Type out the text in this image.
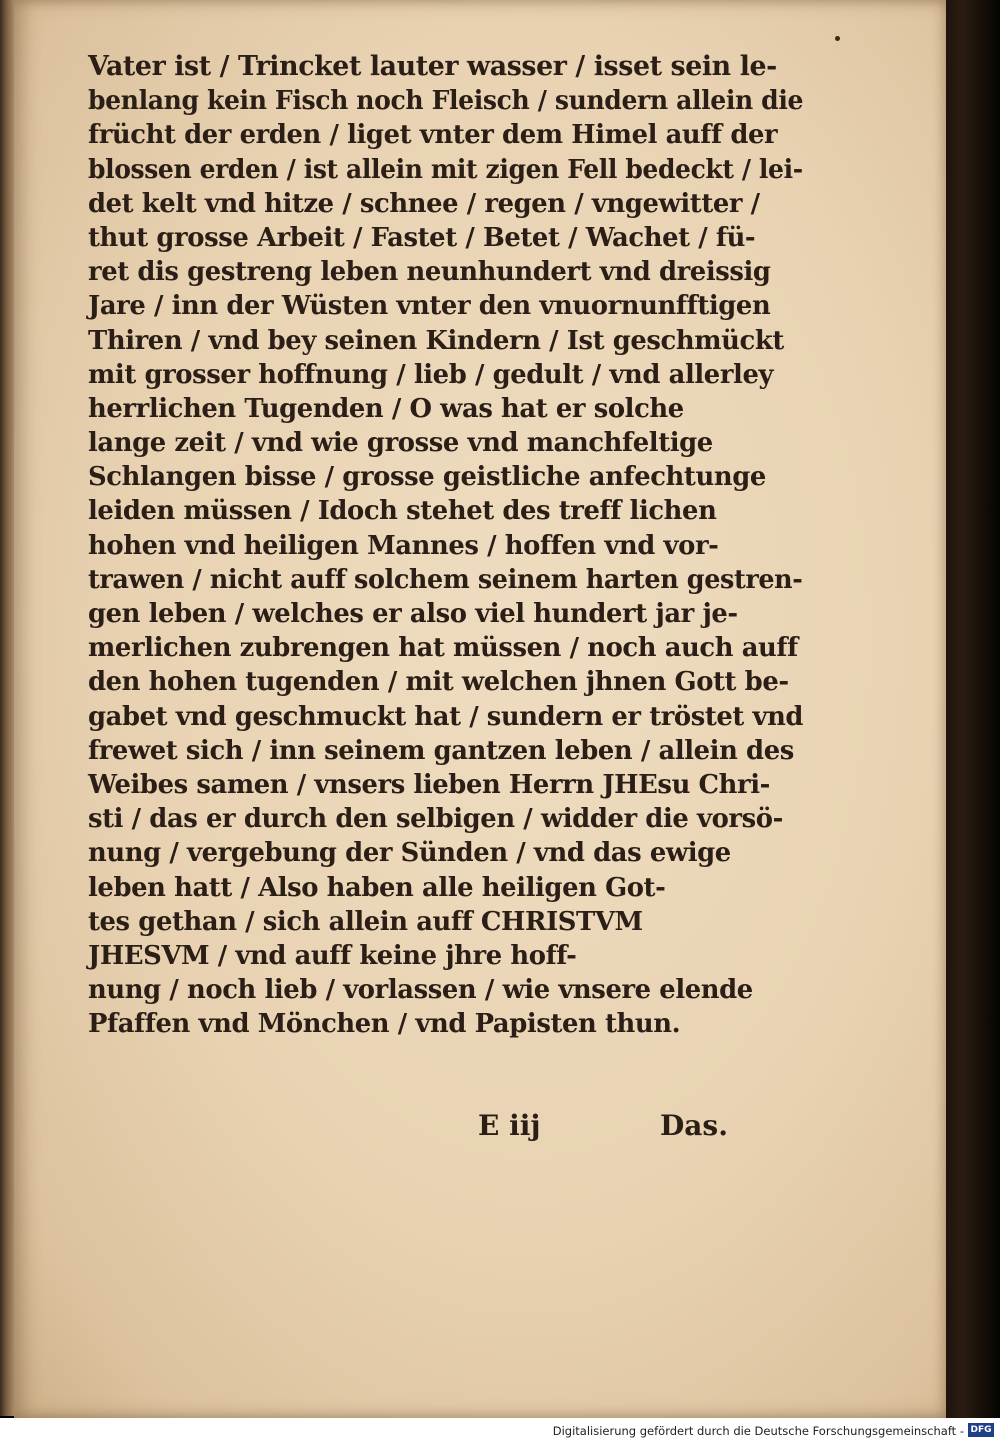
Vater ist / Trincket lauter wasser / isset sein le-
benlang kein Fisch noch Fleisch / sundern allein die
frücht der erden / liget vnter dem Himel auff der
blossen erden / ist allein mit zigen Fell bedeckt / lei-
det kelt vnd hitze / schnee / regen / vngewitter /
thut grosse Arbeit / Fastet / Betet / Wachet / fü-
ret dis gestreng leben neunhundert vnd dreissig
Jare / inn der Wüsten vnter den vnuornunfftigen
Thiren / vnd bey seinen Kindern / Ist geschmückt
mit grosser hoffnung / lieb / gedult / vnd allerley
herrlichen Tugenden / O was hat er solche
lange zeit / vnd wie grosse vnd manchfeltige
Schlangen bisse / grosse geistliche anfechtunge
leiden müssen / Idoch stehet des treff lichen
hohen vnd heiligen Mannes / hoffen vnd vor-
trawen / nicht auff solchem seinem harten gestren-
gen leben / welches er also viel hundert jar je-
merlichen zubrengen hat müssen / noch auch auff
den hohen tugenden / mit welchen jhnen Gott be-
gabet vnd geschmuckt hat / sundern er tröstet vnd
frewet sich / inn seinem gantzen leben / allein des
Weibes samen / vnsers lieben Herrn JHEsu Chri-
sti / das er durch den selbigen / widder die vorsö-
nung / vergebung der Sünden / vnd das ewige
leben hatt / Also haben alle heiligen Got-
tes gethan / sich allein auff CHRISTVM
JHESVM / vnd auff keine jhre hoff-
nung / noch lieb / vorlassen / wie vnsere elende
Pfaffen vnd Mönchen / vnd Papisten thun.
E iij	Das.
Digitalisierung gefördert durch die Deutsche Forschungsgemeinschaft - DFG
